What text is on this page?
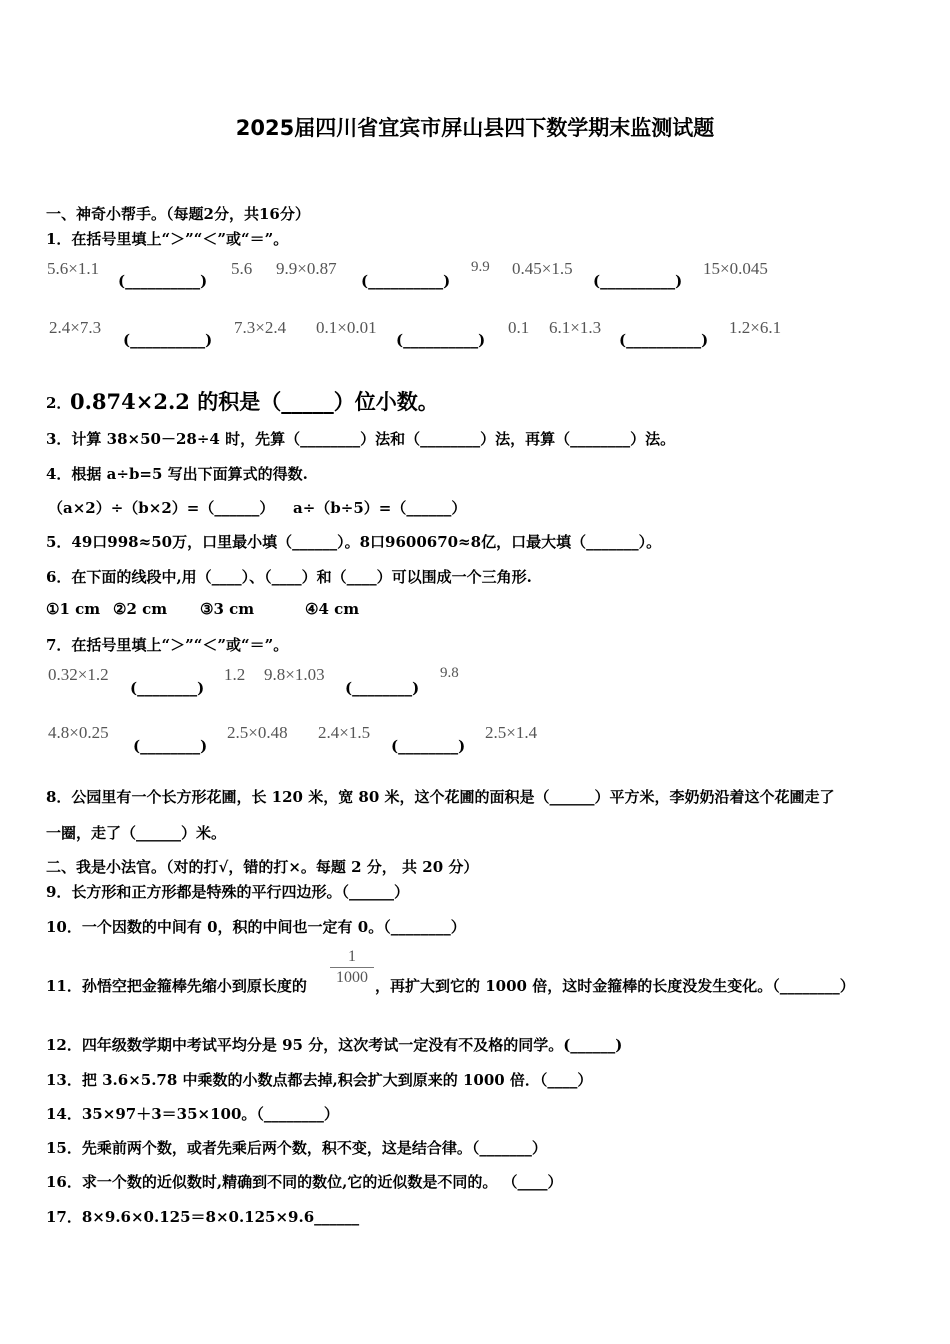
2025届四川省宜宾市屏山县四下数学期末监测试题
一、神奇小帮手。（每题2分，共16分）
1．在括号里填上“＞”“＜”或“＝”。
5.6×1.1
(__________)
5.6 9.9×0.87
(__________)
9.9 0.45×1.5
(__________)
15×0.045
2.4×7.3
(__________)
7.3×2.4 0.1×0.01
(__________)
0.1 6.1×1.3
(__________)
1.2×6.1
2．
0.874×2.2 的积是（_____）位小数。
3．计算 38×50－28÷4 时，先算（________）法和（________）法，再算（________）法。
4．根据 a÷b=5 写出下面算式的得数.
（a×2）÷（b×2）=（______） a÷（b÷5）=（______）
5．49口998≈50万，口里最小填（______）。8口9600670≈8亿，口最大填（_______）。
6．在下面的线段中,用（____）、（____）和（____）可以围成一个三角形.
①1 cm ②2 cm ③3 cm	④4 cm
7．在括号里填上“＞”“＜”或“＝”。
0.32×1.2
(________)
1.2 9.8×1.03
(________)
9.8
4.8×0.25
(________)
2.5×0.48 2.4×1.5
(________)
2.5×1.4
8．公园里有一个长方形花圃，长 120 米，宽 80 米，这个花圃的面积是（______）平方米，李奶奶沿着这个花圃走了
一圈，走了（______）米。
二、我是小法官。（对的打√，错的打×。每题 2 分， 共 20 分）
9．长方形和正方形都是特殊的平行四边形。（______）
10．一个因数的中间有 0，积的中间也一定有 0。（________）
11．孙悟空把金箍棒先缩小到原长度的 $\frac{1}{1000}$ ，再扩大到它的 1000 倍，这时金箍棒的长度没发生变化。（________）
12．四年级数学期中考试平均分是 95 分，这次考试一定没有不及格的同学。(______)
13．把 3.6×5.78 中乘数的小数点都去掉,积会扩大到原来的 1000 倍．（____）
14．35×97＋3＝35×100。（________）
15．先乘前两个数，或者先乘后两个数，积不变，这是结合律。（_______）
16．求一个数的近似数时,精确到不同的数位,它的近似数是不同的。 （____）
17．8×9.6×0.125＝8×0.125×9.6______
